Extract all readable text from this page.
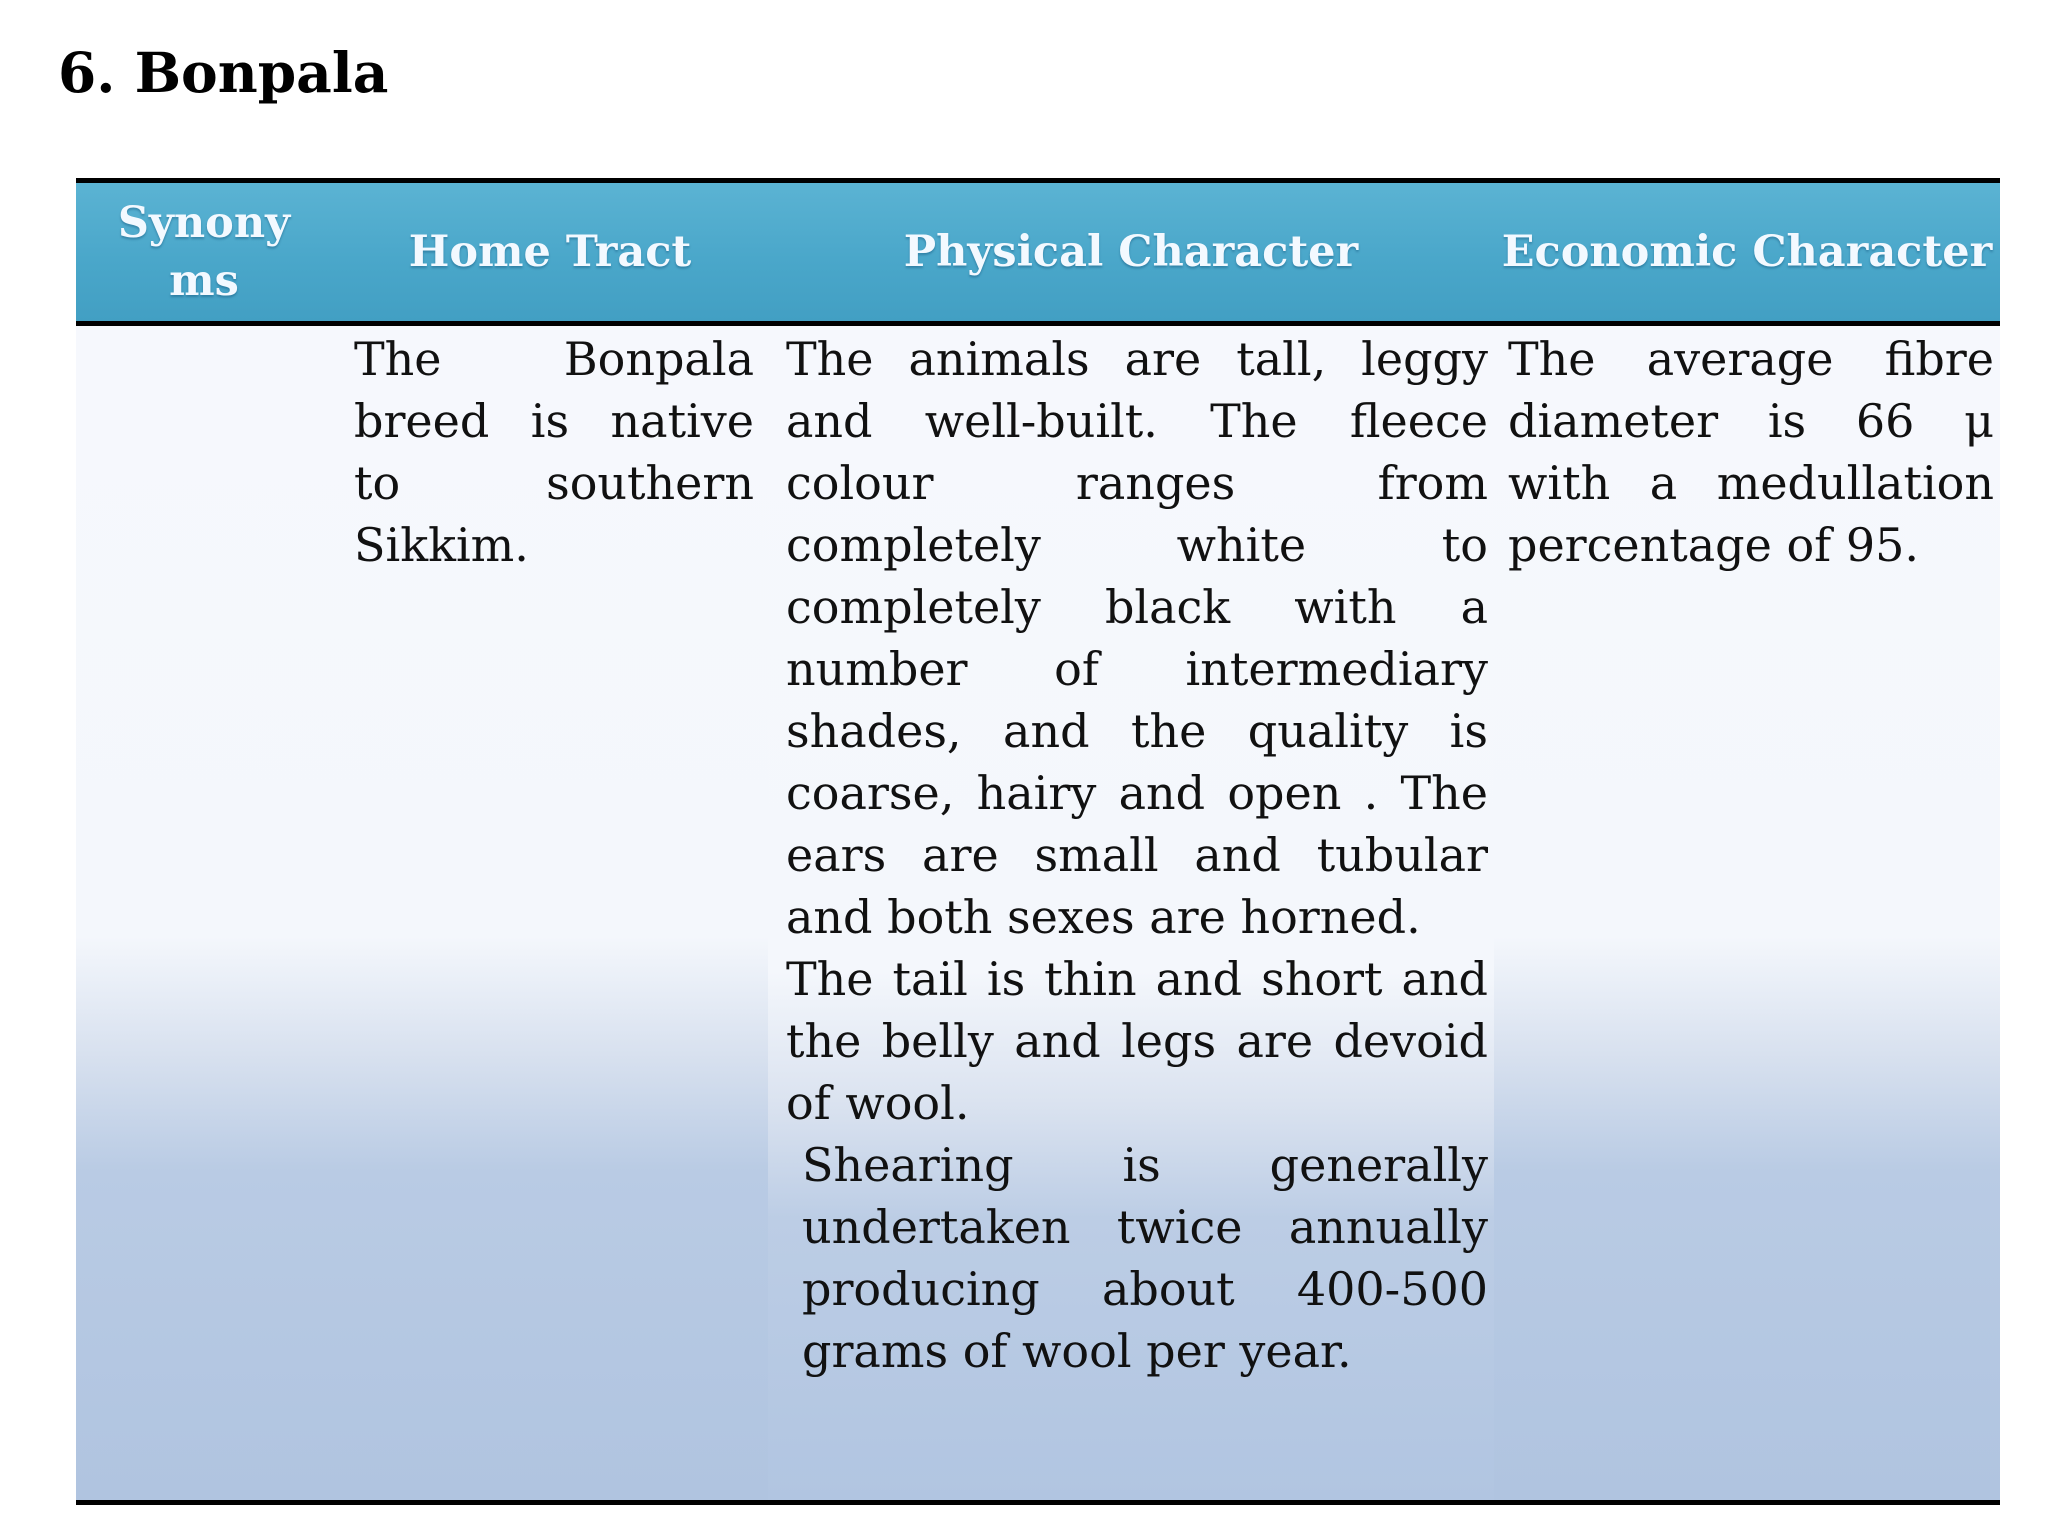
6. Bonpala
Synonyms
Home Tract	Physical Character	Economic Character

The Bonpala breed is native to southern Sikkim.

The animals are tall, leggy and well-built. The fleece colour ranges from completely white to completely black with a number of intermediary shades, and the quality is coarse, hairy and open . The ears are small and tubular and both sexes are horned.

The tail is thin and short and the belly and legs are devoid of wool.

Shearing is generally undertaken twice annually producing about 400-500 grams of wool per year.

The average fibre diameter is 66 μ with a medullation percentage of 95.
